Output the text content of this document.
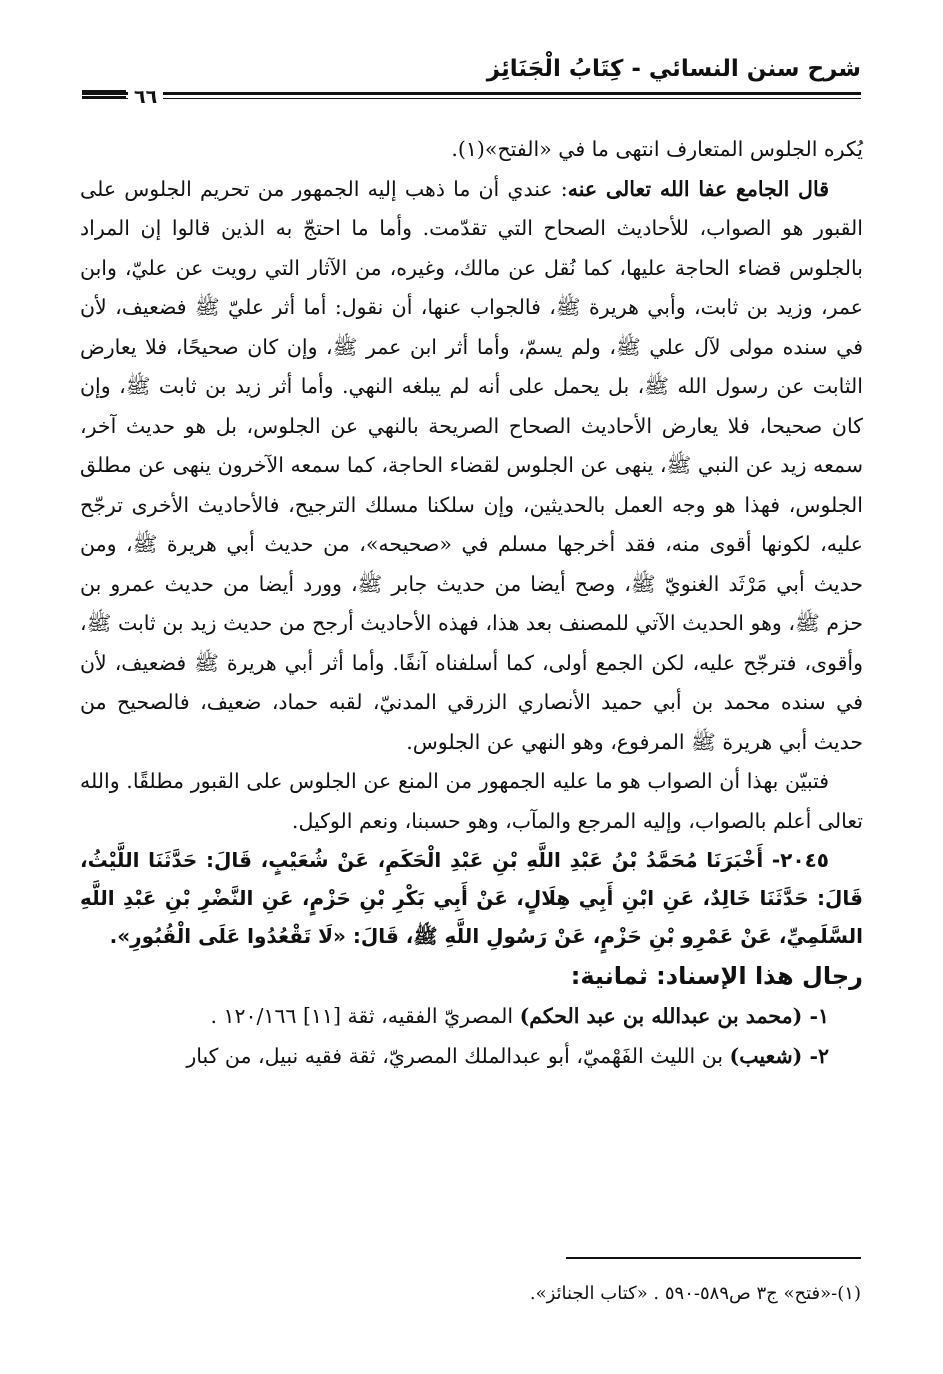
شرح سنن النسائي - كِتَابُ الْجَنَائِز
٦٦

يُكره الجلوس المتعارف انتهى ما في «الفتح»(١).

قال الجامع عفا الله تعالى عنه: عندي أن ما ذهب إليه الجمهور من تحريم الجلوس على القبور هو الصواب، للأحاديث الصحاح التي تقدّمت. وأما ما احتجّ به الذين قالوا إن المراد بالجلوس قضاء الحاجة عليها، كما نُقل عن مالك، وغيره، من الآثار التي رويت عن عليّ، وابن عمر، وزيد بن ثابت، وأبي هريرة ﷺ، فالجواب عنها، أن نقول: أما أثر عليّ ﷺ فضعيف، لأن في سنده مولى لآل علي ﷺ، ولم يسمّ، وأما أثر ابن عمر ﷺ، وإن كان صحيحًا، فلا يعارض الثابت عن رسول الله ﷺ، بل يحمل على أنه لم يبلغه النهي. وأما أثر زيد بن ثابت ﷺ، وإن كان صحيحا، فلا يعارض الأحاديث الصحاح الصريحة بالنهي عن الجلوس، بل هو حديث آخر، سمعه زيد عن النبي ﷺ، ينهى عن الجلوس لقضاء الحاجة، كما سمعه الآخرون ينهى عن مطلق الجلوس، فهذا هو وجه العمل بالحديثين، وإن سلكنا مسلك الترجيح، فالأحاديث الأخرى ترجّح عليه، لكونها أقوى منه، فقد أخرجها مسلم في «صحيحه»، من حديث أبي هريرة ﷺ، ومن حديث أبي مَرْثَد الغنويّ ﷺ، وصح أيضا من حديث جابر ﷺ، وورد أيضا من حديث عمرو بن حزم ﷺ، وهو الحديث الآتي للمصنف بعد هذا، فهذه الأحاديث أرجح من حديث زيد بن ثابت ﷺ، وأقوى، فترجّح عليه، لكن الجمع أولى، كما أسلفناه آنفًا. وأما أثر أبي هريرة ﷺ فضعيف، لأن في سنده محمد بن أبي حميد الأنصاري الزرقي المدنيّ، لقبه حماد، ضعيف، فالصحيح من حديث أبي هريرة ﷺ المرفوع، وهو النهي عن الجلوس.

فتبيّن بهذا أن الصواب هو ما عليه الجمهور من المنع عن الجلوس على القبور مطلقًا. والله تعالى أعلم بالصواب، وإليه المرجع والمآب، وهو حسبنا، ونعم الوكيل.

٢٠٤٥- أَخْبَرَنَا مُحَمَّدُ بْنُ عَبْدِ اللَّهِ بْنِ عَبْدِ الْحَكَمِ، عَنْ شُعَيْبٍ، قَالَ: حَدَّثَنَا اللَّيْثُ، قَالَ: حَدَّثَنَا خَالِدٌ، عَنِ ابْنِ أَبِي هِلَالٍ، عَنْ أَبِي بَكْرِ بْنِ حَزْمٍ، عَنِ النَّضْرِ بْنِ عَبْدِ اللَّهِ السَّلَمِيِّ، عَنْ عَمْرِو بْنِ حَزْمٍ، عَنْ رَسُولِ اللَّهِ ﷺ، قَالَ: «لَا تَقْعُدُوا عَلَى الْقُبُورِ».

رجال هذا الإسناد: ثمانية:

١- (محمد بن عبدالله بن عبد الحكم) المصريّ الفقيه، ثقة [١١] ١٢٠/١٦٦ .

٢- (شعيب) بن الليث الفَهْميّ، أبو عبدالملك المصريّ، ثقة فقيه نبيل، من كبار

(١)-«فتح» ج٣ ص٥٨٩-٥٩٠ . «كتاب الجنائز».
